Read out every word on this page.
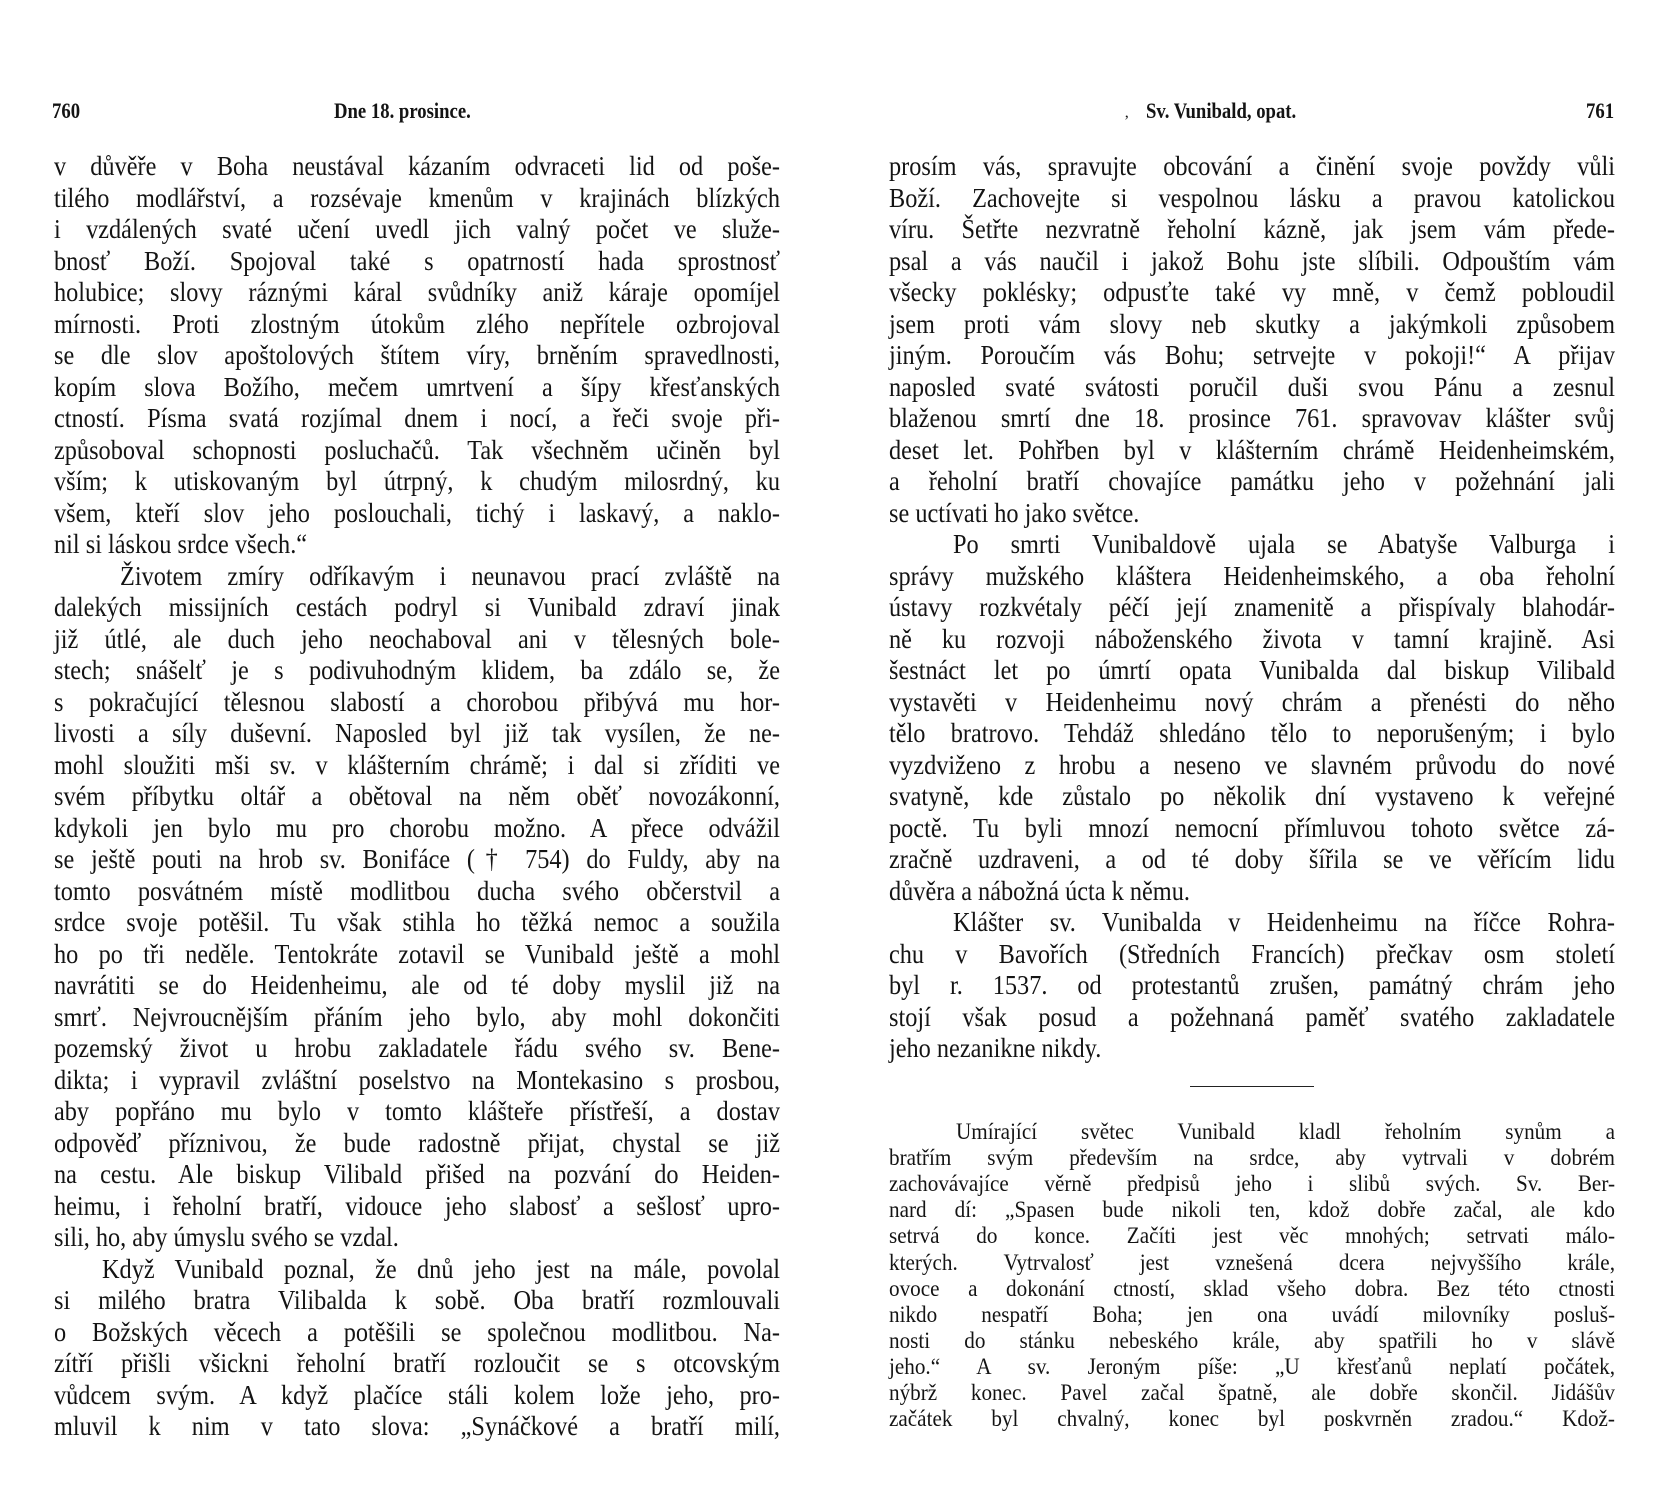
760	Dne 18. prosince.
v důvěře v Boha neustával kázaním odvraceti lid od poše-
tilého modlářství, a rozsévaje kmenům v krajinách blízkých
i vzdálených svaté učení uvedl jich valný počet ve služe-
bnosť Boží. Spojoval také s opatrností hada sprostnosť
holubice; slovy ráznými káral svůdníky aniž káraje opomíjel
mírnosti. Proti zlostným útokům zlého nepřítele ozbrojoval
se dle slov apoštolových štítem víry, brněním spravedlnosti,
kopím slova Božího, mečem umrtvení a šípy křesťanských
ctností. Písma svatá rozjímal dnem i nocí, a řeči svoje při-
způsoboval schopnosti posluchačů. Tak všechněm učiněn byl
vším; k utiskovaným byl útrpný, k chudým milosrdný, ku
všem, kteří slov jeho poslouchali, tichý i laskavý, a naklo-
nil si láskou srdce všech.“
Životem zmíry odříkavým i neunavou prací zvláště na
dalekých missijních cestách podryl si Vunibald zdraví jinak
již útlé, ale duch jeho neochaboval ani v tělesných bole-
stech; snášelť je s podivuhodným klidem, ba zdálo se, že
s pokračující tělesnou slabostí a chorobou přibývá mu hor-
livosti a síly duševní. Naposled byl již tak vysílen, že ne-
mohl sloužiti mši sv. v klášterním chrámě; i dal si zříditi ve
svém příbytku oltář a obětoval na něm oběť novozákonní,
kdykoli jen bylo mu pro chorobu možno. A přece odvážil
se ještě pouti na hrob sv. Bonifáce († 754) do Fuldy, aby na
tomto posvátném místě modlitbou ducha svého občerstvil a
srdce svoje potěšil. Tu však stihla ho těžká nemoc a soužila
ho po tři neděle. Tentokráte zotavil se Vunibald ještě a mohl
navrátiti se do Heidenheimu, ale od té doby myslil již na
smrť. Nejvroucnějším přáním jeho bylo, aby mohl dokončiti
pozemský život u hrobu zakladatele řádu svého sv. Bene-
dikta; i vypravil zvláštní poselstvo na Montekasino s prosbou,
aby popřáno mu bylo v tomto klášteře přístřeší, a dostav
odpověď příznivou, že bude radostně přijat, chystal se již
na cestu. Ale biskup Vilibald přišed na pozvání do Heiden-
heimu, i řeholní bratří, vidouce jeho slabosť a sešlosť upro-
sili, ho, aby úmyslu svého se vzdal.
Když Vunibald poznal, že dnů jeho jest na mále, povolal
si milého bratra Vilibalda k sobě. Oba bratří rozmlouvali
o Božských věcech a potěšili se společnou modlitbou. Na-
zítří přišli všickni řeholní bratří rozloučit se s otcovským
vůdcem svým. A když plačíce stáli kolem lože jeho, pro-
mluvil k nim v tato slova: „Synáčkové a bratří milí,
‚ Sv. Vunibald, opat.	761
prosím vás, spravujte obcování a činění svoje povždy vůli
Boží. Zachovejte si vespolnou lásku a pravou katolickou
víru. Šetřte nezvratně řeholní kázně, jak jsem vám přede-
psal a vás naučil i jakož Bohu jste slíbili. Odpouštím vám
všecky poklésky; odpusťte také vy mně, v čemž pobloudil
jsem proti vám slovy neb skutky a jakýmkoli způsobem
jiným. Poroučím vás Bohu; setrvejte v pokoji!“ A přijav
naposled svaté svátosti poručil duši svou Pánu a zesnul
blaženou smrtí dne 18. prosince 761. spravovav klášter svůj
deset let. Pohřben byl v klášterním chrámě Heidenheimském,
a řeholní bratří chovajíce památku jeho v požehnání jali
se uctívati ho jako světce.
Po smrti Vunibaldově ujala se Abatyše Valburga i
správy mužského kláštera Heidenheimského, a oba řeholní
ústavy rozkvétaly péčí její znamenitě a přispívaly blahodár-
ně ku rozvoji náboženského života v tamní krajině. Asi
šestnáct let po úmrtí opata Vunibalda dal biskup Vilibald
vystavěti v Heidenheimu nový chrám a přenésti do něho
tělo bratrovo. Tehdáž shledáno tělo to neporušeným; i bylo
vyzdviženo z hrobu a neseno ve slavném průvodu do nové
svatyně, kde zůstalo po několik dní vystaveno k veřejné
poctě. Tu byli mnozí nemocní přímluvou tohoto světce zá-
zračně uzdraveni, a od té doby šířila se ve věřícím lidu
důvěra a nábožná úcta k němu.
Klášter sv. Vunibalda v Heidenheimu na říčce Rohra-
chu v Bavořích (Středních Francích) přečkav osm století
byl r. 1537. od protestantů zrušen, památný chrám jeho
stojí však posud a požehnaná paměť svatého zakladatele
jeho nezanikne nikdy.
Umírající světec Vunibald kladl řeholním synům a
bratřím svým především na srdce, aby vytrvali v dobrém
zachovávajíce věrně předpisů jeho i slibů svých. Sv. Ber-
nard dí: „Spasen bude nikoli ten, kdož dobře začal, ale kdo
setrvá do konce. Začíti jest věc mnohých; setrvati málo-
kterých. Vytrvalosť jest vznešená dcera nejvyššího krále,
ovoce a dokonání ctností, sklad všeho dobra. Bez této ctnosti
nikdo nespatří Boha; jen ona uvádí milovníky posluš-
nosti do stánku nebeského krále, aby spatřili ho v slávě
jeho.“ A sv. Jeroným píše: „U křesťanů neplatí počátek,
nýbrž konec. Pavel začal špatně, ale dobře skončil. Jidášův
začátek byl chvalný, konec byl poskvrněn zradou.“ Kdož-
